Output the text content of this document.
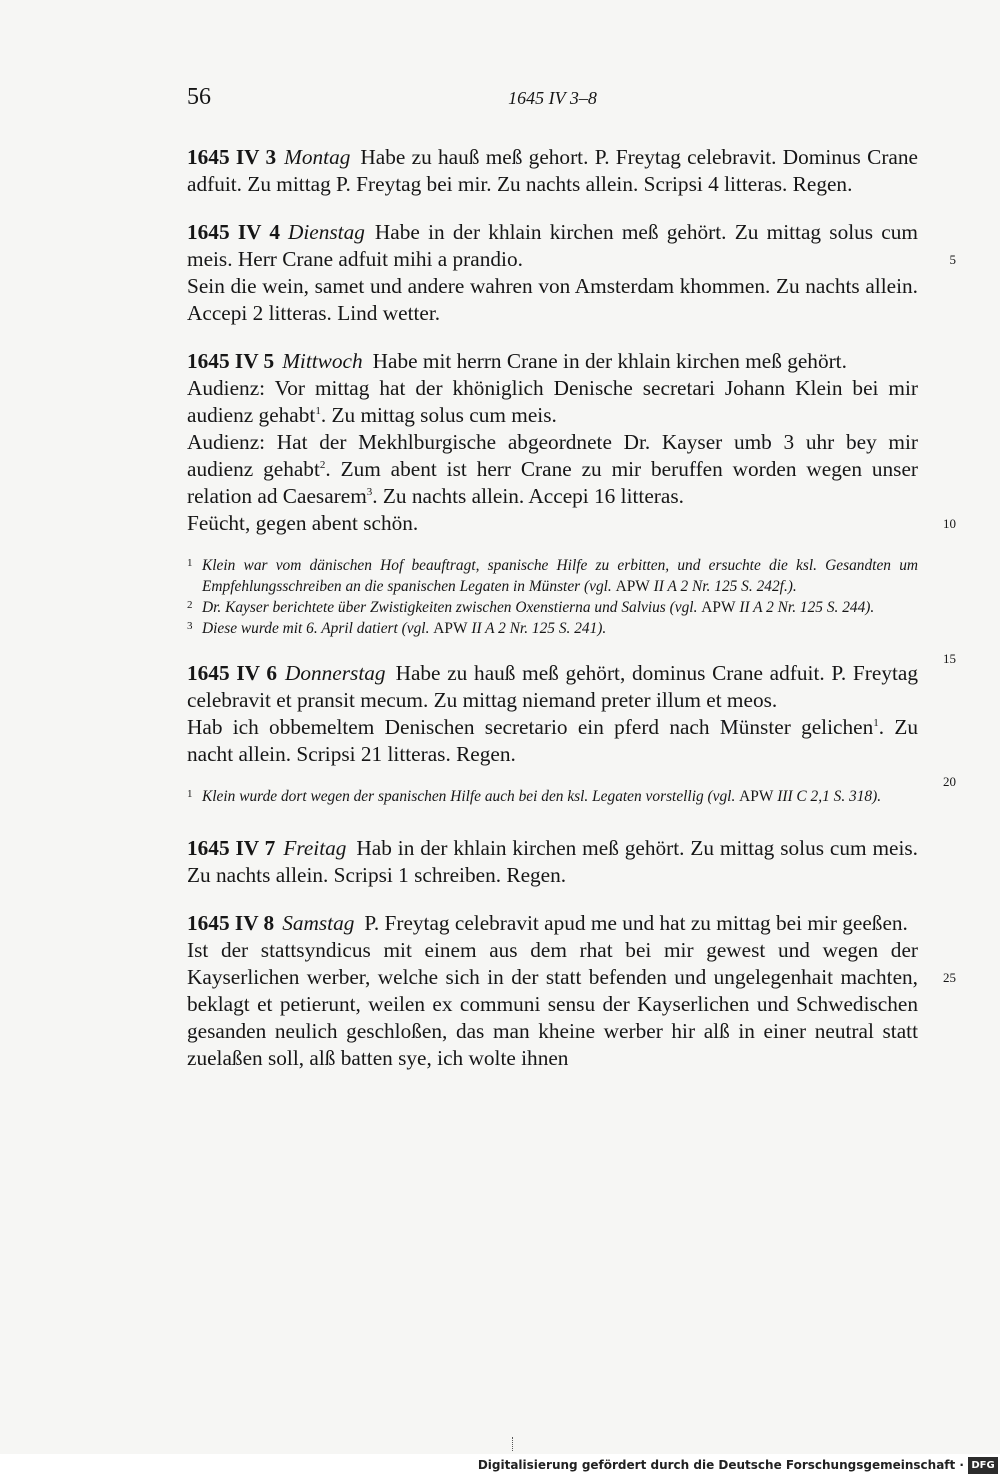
56	1645 IV 3–8

1645 IV 3 Montag Habe zu hauß meß gehort. P. Freytag celebravit. Dominus Crane adfuit. Zu mittag P. Freytag bei mir. Zu nachts allein. Scripsi 4 litteras. Regen.

1645 IV 4 Dienstag Habe in der khlain kirchen meß gehört. Zu mittag solus cum meis. Herr Crane adfuit mihi a prandio.

Sein die wein, samet und andere wahren von Amsterdam khommen. Zu nachts allein. Accepi 2 litteras. Lind wetter.

5

1645 IV 5 Mittwoch Habe mit herrn Crane in der khlain kirchen meß gehört.

Audienz: Vor mittag hat der khöniglich Denische secretari Johann Klein bei mir audienz gehabt$^1$. Zu mittag solus cum meis.

Audienz: Hat der Mekhlburgische abgeordnete Dr. Kayser umb 3 uhr bey mir audienz gehabt$^2$. Zum abent ist herr Crane zu mir beruffen worden wegen unser relation ad Caesarem$^3$. Zu nachts allein. Accepi 16 litteras.

Feücht, gegen abent schön.	10
15
1 Klein war vom dänischen Hof beauftragt, spanische Hilfe zu erbitten, und ersuchte die ksl. Gesandten um Empfehlungsschreiben an die spanischen Legaten in Münster (vgl. APW II A 2 Nr. 125 S. 242f.).
2 Dr. Kayser berichtete über Zwistigkeiten zwischen Oxenstierna und Salvius (vgl. APW II A 2 Nr. 125 S. 244).
3 Diese wurde mit 6. April datiert (vgl. APW II A 2 Nr. 125 S. 241).

1645 IV 6 Donnerstag Habe zu hauß meß gehört, dominus Crane adfuit. P. Freytag celebravit et pransit mecum. Zu mittag niemand preter illum et meos.

Hab ich obbemeltem Denischen secretario ein pferd nach Münster gelichen$^1$. Zu nacht allein. Scripsi 21 litteras. Regen.

20
1 Klein wurde dort wegen der spanischen Hilfe auch bei den ksl. Legaten vorstellig (vgl. APW III C 2,1 S. 318).

1645 IV 7 Freitag Hab in der khlain kirchen meß gehört. Zu mittag solus cum meis. Zu nachts allein. Scripsi 1 schreiben. Regen.

1645 IV 8 Samstag P. Freytag celebravit apud me und hat zu mittag bei mir geeßen.

Ist der stattsyndicus mit einem aus dem rhat bei mir gewest und wegen der Kayserlichen werber, welche sich in der statt befenden und ungelegenhait machten, beklagt et petierunt, weilen ex communi sensu der Kayserlichen und Schwedischen gesanden neulich geschloßen, das man kheine werber hir alß in einer neutral statt zuelaßen soll, alß batten sye, ich wolte ihnen

25
Digitalisierung gefördert durch die Deutsche Forschungsgemeinschaft · DFG
